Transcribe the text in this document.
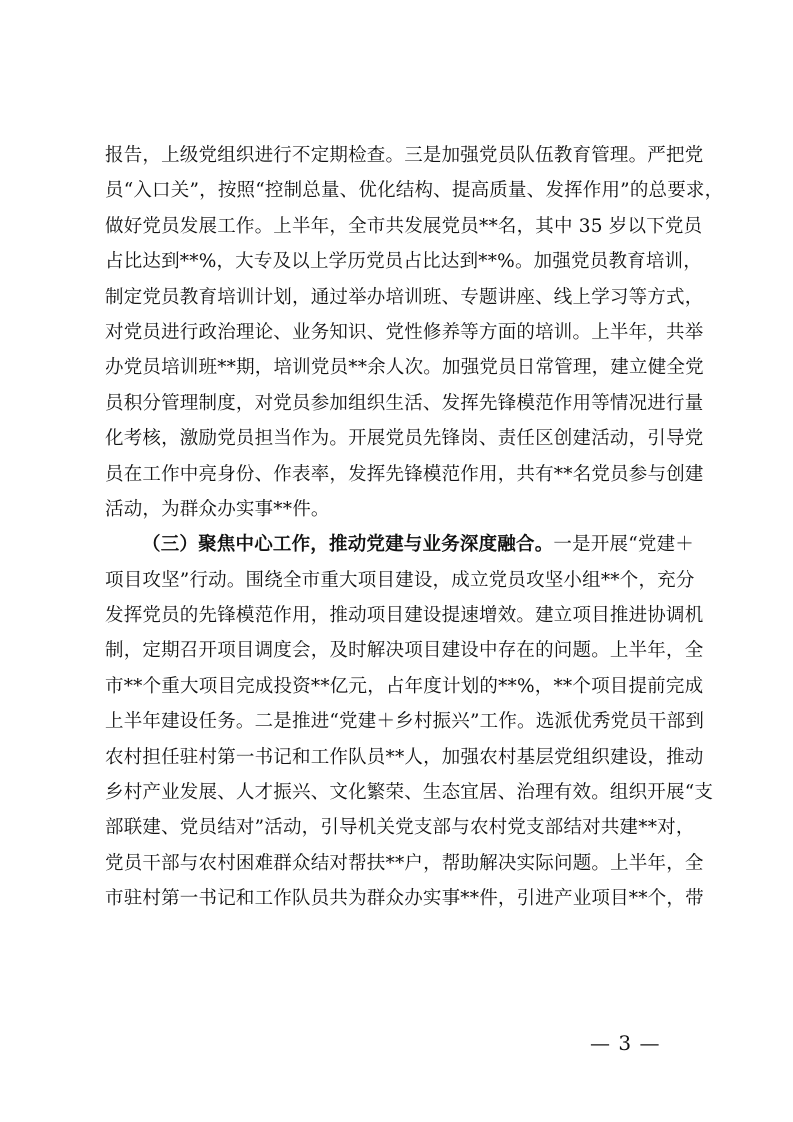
报告，上级党组织进行不定期检查。三是加强党员队伍教育管理。严把党
员“入口关”，按照“控制总量、优化结构、提高质量、发挥作用”的总要求，
做好党员发展工作。上半年，全市共发展党员**名，其中 35 岁以下党员
占比达到**%，大专及以上学历党员占比达到**%。加强党员教育培训，
制定党员教育培训计划，通过举办培训班、专题讲座、线上学习等方式，
对党员进行政治理论、业务知识、党性修养等方面的培训。上半年，共举
办党员培训班**期，培训党员**余人次。加强党员日常管理，建立健全党
员积分管理制度，对党员参加组织生活、发挥先锋模范作用等情况进行量
化考核，激励党员担当作为。开展党员先锋岗、责任区创建活动，引导党
员在工作中亮身份、作表率，发挥先锋模范作用，共有**名党员参与创建
活动，为群众办实事**件。
（三）聚焦中心工作，推动党建与业务深度融合。一是开展“党建＋
项目攻坚”行动。围绕全市重大项目建设，成立党员攻坚小组**个，充分
发挥党员的先锋模范作用，推动项目建设提速增效。建立项目推进协调机
制，定期召开项目调度会，及时解决项目建设中存在的问题。上半年，全
市**个重大项目完成投资**亿元，占年度计划的**%，**个项目提前完成
上半年建设任务。二是推进“党建＋乡村振兴”工作。选派优秀党员干部到
农村担任驻村第一书记和工作队员**人，加强农村基层党组织建设，推动
乡村产业发展、人才振兴、文化繁荣、生态宜居、治理有效。组织开展“支
部联建、党员结对”活动，引导机关党支部与农村党支部结对共建**对，
党员干部与农村困难群众结对帮扶**户，帮助解决实际问题。上半年，全
市驻村第一书记和工作队员共为群众办实事**件，引进产业项目**个，带
— 3 —
